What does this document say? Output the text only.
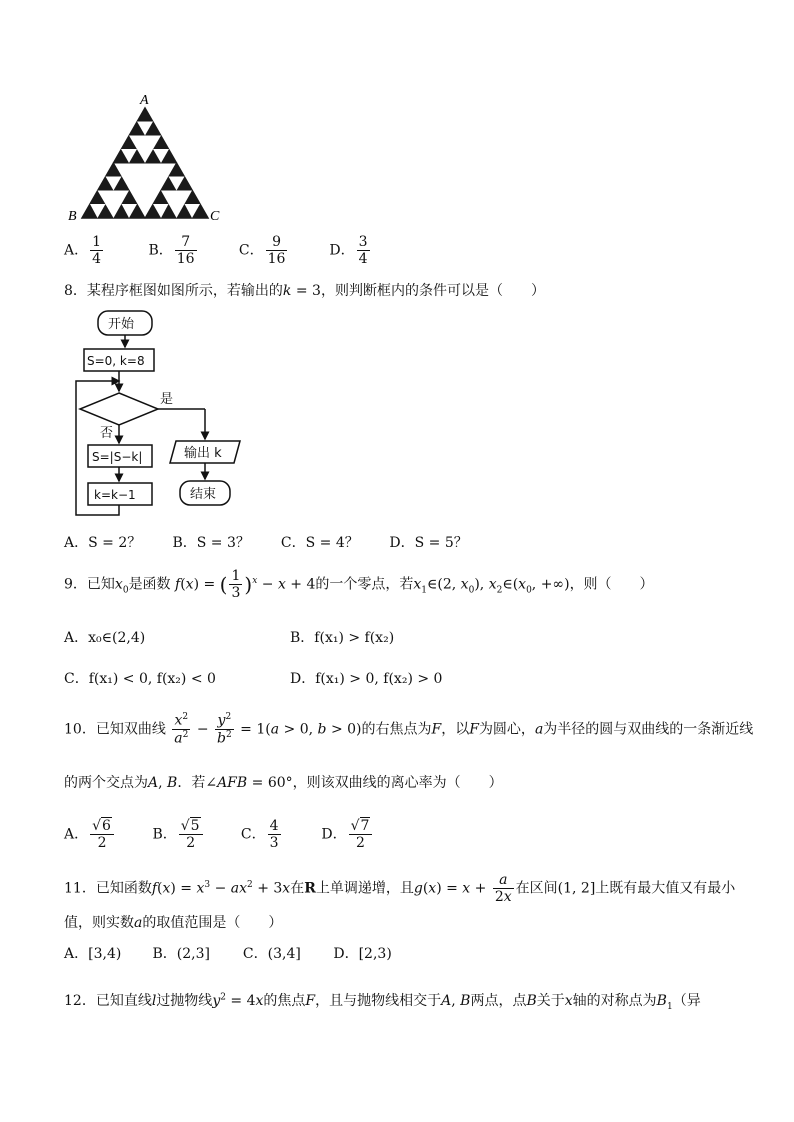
A
B	C
A． $\frac{1}{4}$	B． $\frac{7}{16}$	C． $\frac{9}{16}$	D． $\frac{3}{4}$
8．某程序框图如图所示，若输出的k = 3，则判断框内的条件可以是（　　）
开始
S=0, k=8
是
否
S=|S−k|
k=k−1
输出 k
结束
A．S = 2？ B．S = 3？ C．S = 4？ D．S = 5？
9．已知$x_0$是函数 f(x) = ( $\frac{1}{3} )^x - x + 4$的一个零点，若$x_1\in(2$, $x_0$), $x_2\in(x_0$, +∞)，则（　　）
A．x₀∈(2,4)	B．f(x₁) > f(x₂)
C．f(x₁) < 0, f(x₂) < 0	D．f(x₁) > 0, f(x₂) > 0
10．已知双曲线 $\frac{x^2}{a^2} - \frac{y^2}{b^2} = 1(a > 0$, b > 0)的右焦点为F，以F为圆心，a为半径的圆与双曲线的一条渐近线
的两个交点为A, B．若∠AFB = 60°，则该双曲线的离心率为（　　）
A． $\frac{√6}{2}$	B． $\frac{√5}{2}$	C． $\frac{4}{3}$	D． $\frac{√7}{2}$
11．已知函数$f(x) = x^3 - ax^2 + 3x$在R上单调递增，且$g(x) = x + \frac{a}{2x}$ 在区间(1, 2]上既有最大值又有最小
值，则实数a的取值范围是（　　）
A．[3,4) B．(2,3] C．(3,4] D．[2,3)
12．已知直线l过抛物线$y^2 = 4x$的焦点F，且与抛物线相交于A, B两点，点B关于x轴的对称点为$B_1$（异
